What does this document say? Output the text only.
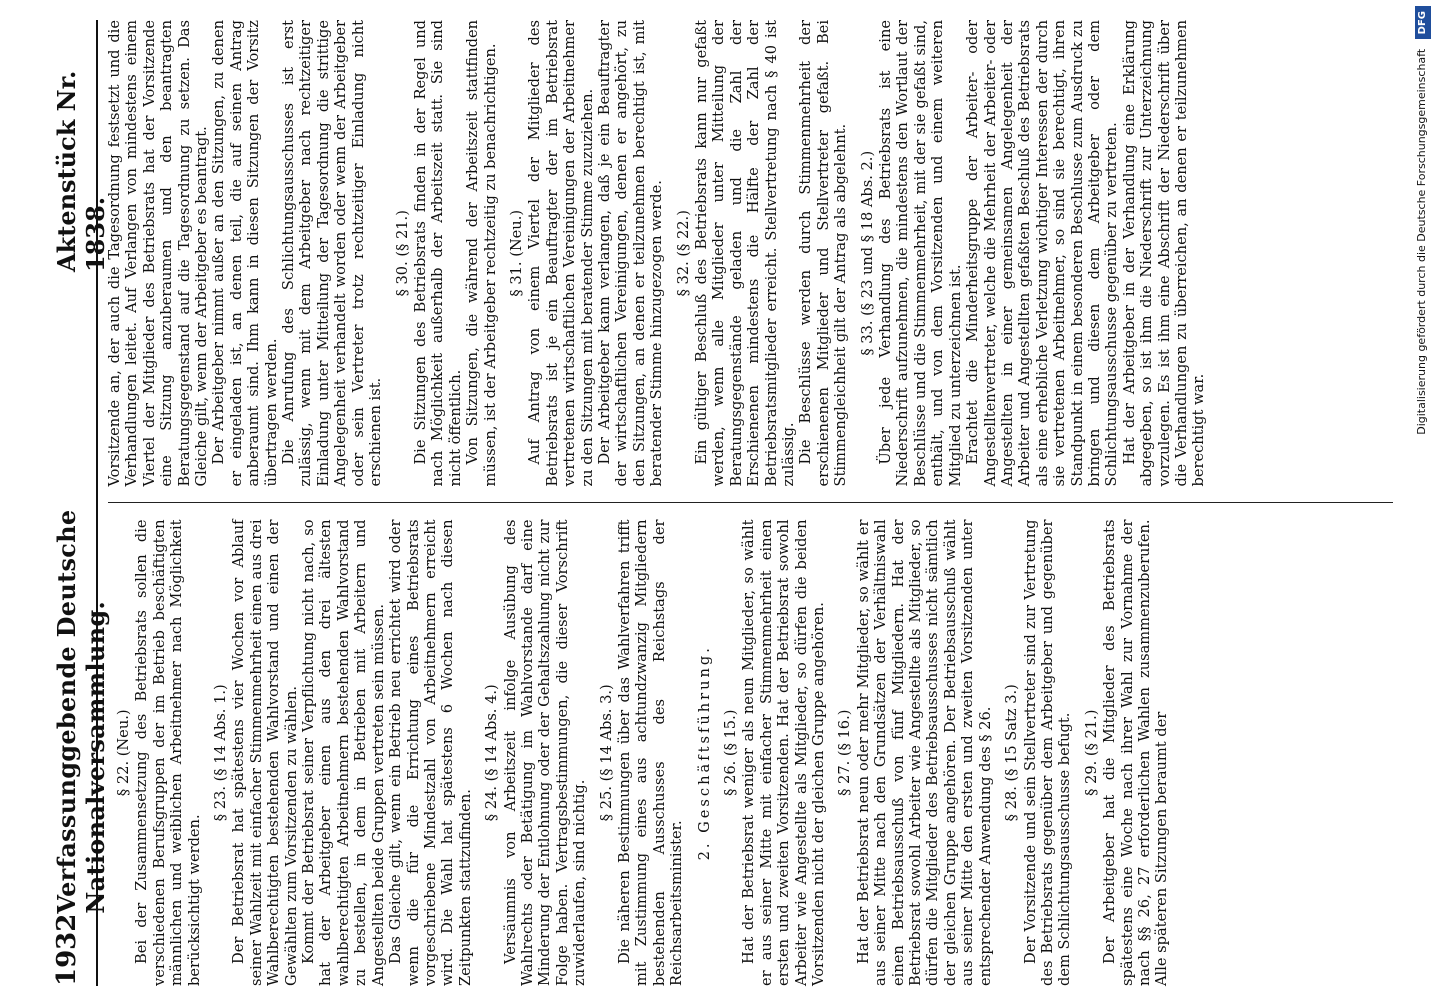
1932
Verfassunggebende Deutsche Nationalversammlung.
Aktenstück Nr. 1838.
§ 22. (Neu.) Bei der Zusammensetzung des Betriebsrats sollen die verschiedenen Berufsgruppen der im Betrieb beschäftigten männlichen und weiblichen Arbeitnehmer nach Möglichkeit berücksichtigt werden.

§ 23. (§ 14 Abs. 1.) Der Betriebsrat hat spätestens vier Wochen vor Ablauf seiner Wahlzeit mit einfacher Stimmenmehrheit einen aus drei Wahlberechtigten bestehenden Wahlvorstand und einen der Gewählten zum Vorsitzenden zu wählen. Kommt der Betriebsrat seiner Verpflichtung nicht nach, so hat der Arbeitgeber einen aus den drei ältesten wahlberechtigten Arbeitnehmern bestehenden Wahlvorstand zu bestellen, in dem in Betrieben mit Arbeitern und Angestellten beide Gruppen vertreten sein müssen. Das Gleiche gilt, wenn ein Betrieb neu errichtet wird oder wenn die für die Errichtung eines Betriebsrats vorgeschriebene Mindestzahl von Arbeitnehmern erreicht wird. Die Wahl hat spätestens 6 Wochen nach diesen Zeitpunkten stattzufinden.

§ 24. (§ 14 Abs. 4.) Versäumnis von Arbeitszeit infolge Ausübung des Wahlrechts oder Betätigung im Wahlvorstande darf eine Minderung der Entlohnung oder der Gehaltszahlung nicht zur Folge haben. Vertragsbestimmungen, die dieser Vorschrift zuwiderlaufen, sind nichtig.

§ 25. (§ 14 Abs. 3.) Die näheren Bestimmungen über das Wahlverfahren trifft mit Zustimmung eines aus achtundzwanzig Mitgliedern bestehenden Ausschusses des Reichstags der Reichsarbeitsminister.

2. Geschäftsführung. § 26. (§ 15.) Hat der Betriebsrat weniger als neun Mitglieder, so wählt er aus seiner Mitte mit einfacher Stimmenmehrheit einen ersten und zweiten Vorsitzenden. Hat der Betriebsrat sowohl Arbeiter wie Angestellte als Mitglieder, so dürfen die beiden Vorsitzenden nicht der gleichen Gruppe angehören. § 27. (§ 16.) Hat der Betriebsrat neun oder mehr Mitglieder, so wählt er aus seiner Mitte nach den Grundsätzen der Verhältniswahl einen Betriebsausschuß von fünf Mitgliedern. Hat der Betriebsrat sowohl Arbeiter wie Angestellte als Mitglieder, so dürfen die Mitglieder des Betriebsausschusses nicht sämtlich der gleichen Gruppe angehören. Der Betriebsausschuß wählt aus seiner Mitte den ersten und zweiten Vorsitzenden unter entsprechender Anwendung des § 26. § 28. (§ 15 Satz 3.) Der Vorsitzende und sein Stellvertreter sind zur Vertretung des Betriebsrats gegenüber dem Arbeitgeber und gegenüber dem Schlichtungsausschusse befugt. § 29. (§ 21.) Der Arbeitgeber hat die Mitglieder des Betriebsrats spätestens eine Woche nach ihrer Wahl zur Vornahme der nach §§ 26, 27 erforderlichen Wahlen zusammenzuberufen. Alle späteren Sitzungen beraumt der

Vorsitzende an, der auch die Tagesordnung festsetzt und die Verhandlungen leitet. Auf Verlangen von mindestens einem Viertel der Mitglieder des Betriebsrats hat der Vorsitzende eine Sitzung anzuberaumen und den beantragten Beratungsgegenstand auf die Tagesordnung zu setzen. Das Gleiche gilt, wenn der Arbeitgeber es beantragt. Der Arbeitgeber nimmt außer an den Sitzungen, zu denen er eingeladen ist, an denen teil, die auf seinen Antrag anberaumt sind. Ihm kann in diesen Sitzungen der Vorsitz übertragen werden. Die Anrufung des Schlichtungsausschusses ist erst zulässig, wenn mit dem Arbeitgeber nach rechtzeitiger Einladung unter Mitteilung der Tagesordnung die strittige Angelegenheit verhandelt worden oder wenn der Arbeitgeber oder sein Vertreter trotz rechtzeitiger Einladung nicht erschienen ist.

§ 30. (§ 21.) Die Sitzungen des Betriebsrats finden in der Regel und nach Möglichkeit außerhalb der Arbeitszeit statt. Sie sind nicht öffentlich. Von Sitzungen, die während der Arbeitszeit stattfinden müssen, ist der Arbeitgeber rechtzeitig zu benachrichtigen. § 31. (Neu.) Auf Antrag von einem Viertel der Mitglieder des Betriebsrats ist je ein Beauftragter der im Betriebsrat vertretenen wirtschaftlichen Vereinigungen der Arbeitnehmer zu den Sitzungen mit beratender Stimme zuzuziehen. Der Arbeitgeber kann verlangen, daß je ein Beauftragter der wirtschaftlichen Vereinigungen, denen er angehört, zu den Sitzungen, an denen er teilzunehmen berechtigt ist, mit beratender Stimme hinzugezogen werde. § 32. (§ 22.) Ein gültiger Beschluß des Betriebsrats kann nur gefaßt werden, wenn alle Mitglieder unter Mitteilung der Beratungsgegenstände geladen und die Zahl der Erschienenen mindestens die Hälfte der Zahl der Betriebsratsmitglieder erreicht. Stellvertretung nach § 40 ist zulässig. Die Beschlüsse werden durch Stimmenmehrheit der erschienenen Mitglieder und Stellvertreter gefaßt. Bei Stimmengleichheit gilt der Antrag als abgelehnt. § 33. (§ 23 und § 18 Abs. 2.) Über jede Verhandlung des Betriebsrats ist eine Niederschrift aufzunehmen, die mindestens den Wortlaut der Beschlüsse und die Stimmenmehrheit, mit der sie gefaßt sind, enthält, und von dem Vorsitzenden und einem weiteren Mitglied zu unterzeichnen ist. Erachtet die Minderheitsgruppe der Arbeiter- oder Angestelltenvertreter, welche die Mehrheit der Arbeiter- oder Angestellten in einer gemeinsamen Angelegenheit der Arbeiter und Angestellten gefaßten Beschluß des Betriebsrats als eine erhebliche Verletzung wichtiger Interessen der durch sie vertretenen Arbeitnehmer, so sind sie berechtigt, ihren Standpunkt in einem besonderen Beschlusse zum Ausdruck zu bringen und diesen dem Arbeitgeber oder dem Schlichtungsausschusse gegenüber zu vertreten. Hat der Arbeitgeber in der Verhandlung eine Erklärung abgegeben, so ist ihm die Niederschrift zur Unterzeichnung vorzulegen. Es ist ihm eine Abschrift der Niederschrift über die Verhandlungen zu überreichen, an denen er teilzunehmen berechtigt war.	Digitalisierung gefördert durch die Deutsche Forschungsgemeinschaft DFG
